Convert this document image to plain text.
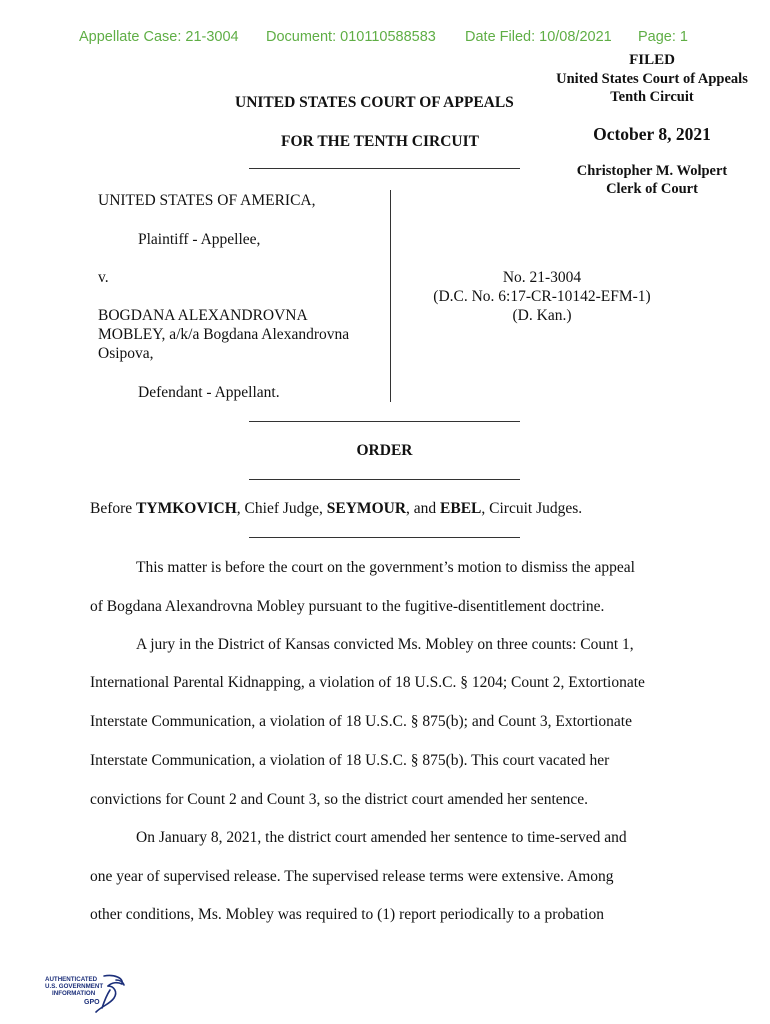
Appellate Case: 21-3004 Document: 010110588583 Date Filed: 10/08/2021 Page: 1
FILED
United States Court of Appeals
Tenth Circuit
October 8, 2021
Christopher M. Wolpert
Clerk of Court
UNITED STATES COURT OF APPEALS
FOR THE TENTH CIRCUIT
UNITED STATES OF AMERICA,
Plaintiff - Appellee,
v.
BOGDANA ALEXANDROVNA
MOBLEY, a/k/a Bogdana Alexandrovna
Osipova,
Defendant - Appellant.
No. 21-3004
(D.C. No. 6:17-CR-10142-EFM-1)
(D. Kan.)
ORDER
Before TYMKOVICH, Chief Judge, SEYMOUR, and EBEL, Circuit Judges.
This matter is before the court on the government’s motion to dismiss the appeal
of Bogdana Alexandrovna Mobley pursuant to the fugitive-disentitlement doctrine.
A jury in the District of Kansas convicted Ms. Mobley on three counts: Count 1,
International Parental Kidnapping, a violation of 18 U.S.C. § 1204; Count 2, Extortionate
Interstate Communication, a violation of 18 U.S.C. § 875(b); and Count 3, Extortionate
Interstate Communication, a violation of 18 U.S.C. § 875(b). This court vacated her
convictions for Count 2 and Count 3, so the district court amended her sentence.
On January 8, 2021, the district court amended her sentence to time-served and
one year of supervised release. The supervised release terms were extensive. Among
other conditions, Ms. Mobley was required to (1) report periodically to a probation
AUTHENTICATED
U.S. GOVERNMENT
INFORMATION
GPO
